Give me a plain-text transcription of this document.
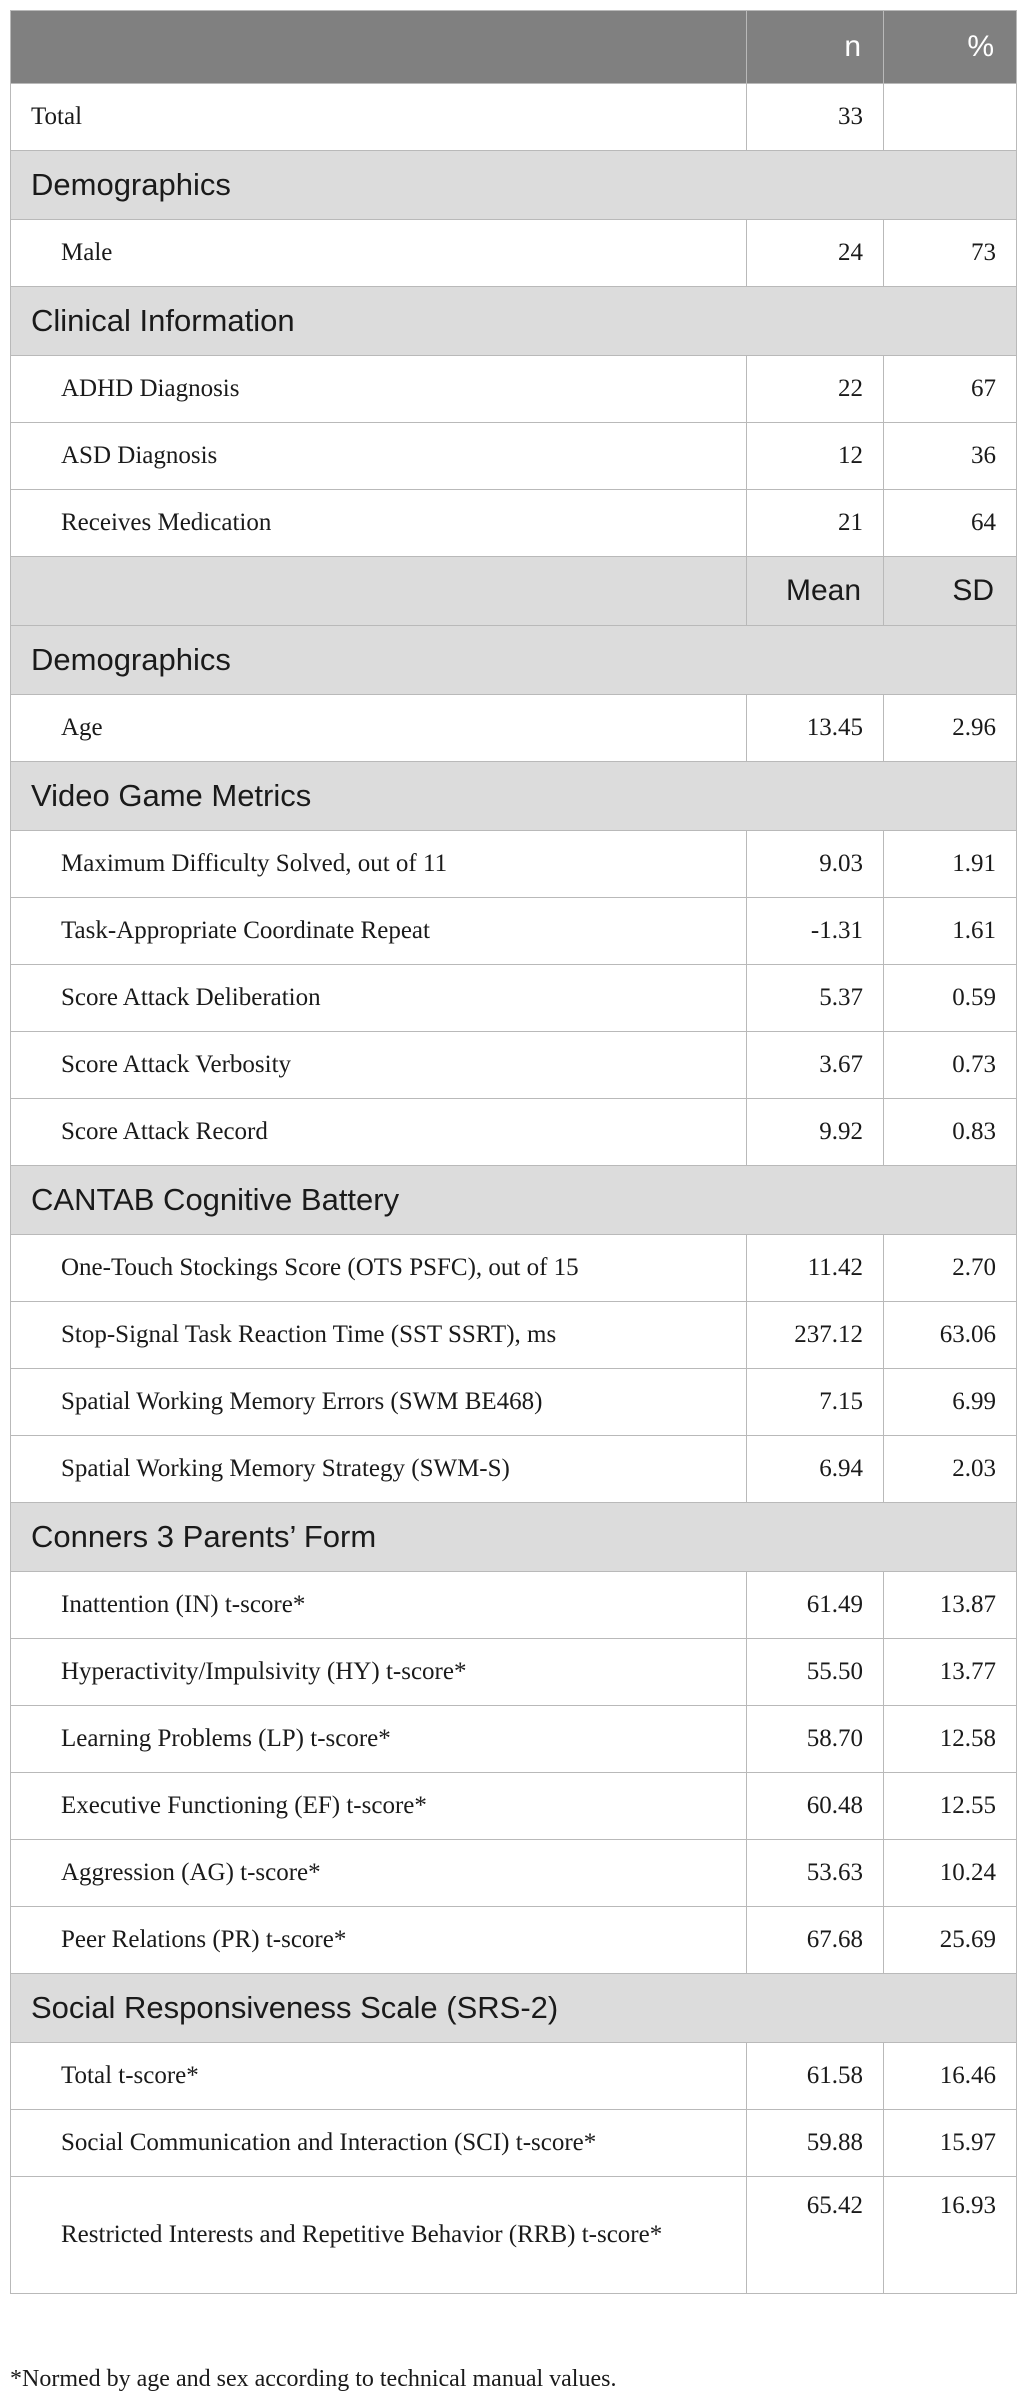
	n	%
Total	33	
Demographics		
Male	24	73
Clinical Information		
ADHD Diagnosis	22	67
ASD Diagnosis	12	36
Receives Medication	21	64
	Mean	SD
Demographics		
Age	13.45	2.96
Video Game Metrics		
Maximum Difficulty Solved, out of 11	9.03	1.91
Task-Appropriate Coordinate Repeat	-1.31	1.61
Score Attack Deliberation	5.37	0.59
Score Attack Verbosity	3.67	0.73
Score Attack Record	9.92	0.83
CANTAB Cognitive Battery		
One-Touch Stockings Score (OTS PSFC), out of 15	11.42	2.70
Stop-Signal Task Reaction Time (SST SSRT), ms	237.12	63.06
Spatial Working Memory Errors (SWM BE468)	7.15	6.99
Spatial Working Memory Strategy (SWM-S)	6.94	2.03
Conners 3 Parents’ Form		
Inattention (IN) t-score*	61.49	13.87
Hyperactivity/Impulsivity (HY) t-score*	55.50	13.77
Learning Problems (LP) t-score*	58.70	12.58
Executive Functioning (EF) t-score*	60.48	12.55
Aggression (AG) t-score*	53.63	10.24
Peer Relations (PR) t-score*	67.68	25.69
Social Responsiveness Scale (SRS-2)		
Total t-score*	61.58	16.46
Social Communication and Interaction (SCI) t-score*	59.88	15.97
Restricted Interests and Repetitive Behavior (RRB) t-score*	65.42	16.93
*Normed by age and sex according to technical manual values.
